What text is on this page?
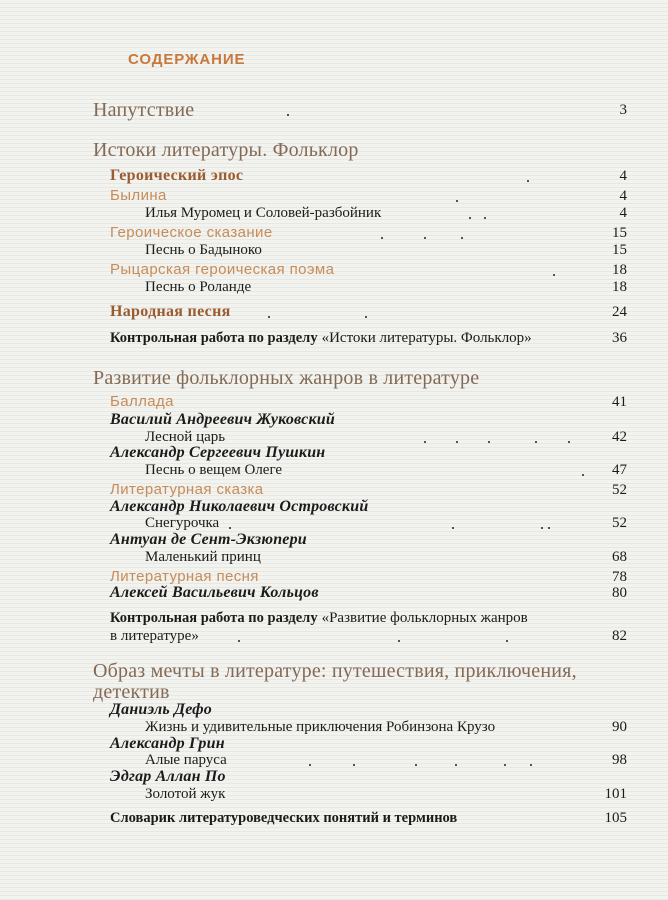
СОДЕРЖАНИЕ
Напутствие	3
Истоки литературы. Фольклор
Героический эпос	4
Былина	4
Илья Муромец и Соловей-разбойник	4
Героическое сказание	15
Песнь о Бадыноко	15
Рыцарская героическая поэма	18
Песнь о Роланде	18
Народная песня	24
Контрольная работа по разделу «Истоки литературы. Фольклор»	36
Развитие фольклорных жанров в литературе
Баллада	41
Василий Андреевич Жуковский
Лесной царь	42
Александр Сергеевич Пушкин
Песнь о вещем Олеге	47
Литературная сказка	52
Александр Николаевич Островский
Снегурочка	52
Антуан де Сент-Экзюпери
Маленький принц	68
Литературная песня	78
Алексей Васильевич Кольцов	80
Контрольная работа по разделу «Развитие фольклорных жанров
в литературе»	82
Образ мечты в литературе: путешествия, приключения,
детектив
Даниэль Дефо
Жизнь и удивительные приключения Робинзона Крузо	90
Александр Грин
Алые паруса	98
Эдгар Аллан По
Золотой жук	101
Словарик литературоведческих понятий и терминов	105
